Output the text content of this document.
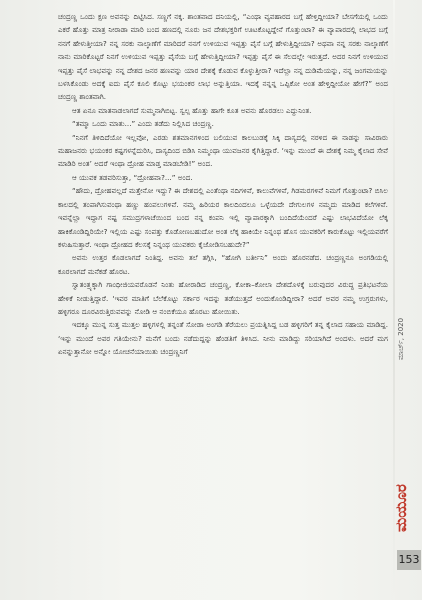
ಚಂದ್ರಣ್ಣ ಒಂದು ಕ್ಷಣ ಅವನನ್ನು ದಿಟ್ಟಿಸಿದ. ಸಣ್ಣಗೆ ನಕ್ಕ. ಶಾಂತವಾದ ದನಿಯಲ್ಲಿ, “ಎಂಥಾ ವ್ಯವಹಾರದ ಬಗ್ಗೆ ಹೇಳ್ತಿದ್ದೀಯಾ? ಬೇಸಗೆಯಲ್ಲಿ ಒಂದು ಎಕರೆ ಹೊತ್ತು ಮಾತ್ರ ನೀರಾಡಾ ಮಾರಿ ಬಂದ ಹಣದಲ್ಲಿ ನೂರು ಜನ ದೇಶಭಕ್ತರಿಗೆ ಊಟಕೊಟ್ಟದ್ದೇನೆ ಗೊತ್ತುಂಟಾ? ಈ ವ್ಯಾಪಾರದಲ್ಲಿ ಲಾಭದ ಬಗ್ಗೆ ನನಗೆ ಹೇಳುತ್ತೀಯಾ? ನನ್ನ ಸರಕು ನಾಲ್ಕಾಣೆಗೆ ಮಾರಿದರೆ ನನಗೆ ಉಳಿಯುವ ಇಪ್ಪತ್ತು ಪೈಸೆ ಬಗ್ಗೆ ಹೇಳುತ್ತಿದ್ದೀಯಾ? ಅಥವಾ ನನ್ನ ಸರಕು ನಾಲ್ಕಾಣೆಗೆ ನಾನು ಮಾರಿಕೊಟ್ಟರೆ ನಿನಗೆ ಉಳಿಯುವ ಇಪ್ಪತ್ತು ಪೈಸೆಯ ಬಗ್ಗೆ ಹೇಳುತ್ತಿದ್ದೀಯಾ? ಇಪ್ಪತ್ತು ಪೈಸೆ ಈ ಸೆಲದಲ್ಲೇ ಇರುತ್ತದೆ. ಅದರ ನಿನಗೆ ಉಳಿಯುವ ಇಪ್ಪತ್ತು ಪೈಸೆ ಲಾಭವನ್ನು ನನ್ನ ದೇಶದ ಜನರ ಹಣವನ್ನು ಯಾರ ದೇಶಕ್ಕೆ ಕೊಡುವ ಕೊಳ್ಳುತ್ತೀರಾ? ಇದೆಲ್ಲಾ ನನ್ನ ದುಡಿಮೆಯನ್ನು, ನನ್ನ ಜಂಗಮಯನ್ನು ಬಳಸಿಕೊಂಡು ಅದಕ್ಕೆ ಐದು ಪೈಸೆ ಕೂಲಿ ಕೊಟ್ಟು ಭಯಂಕರ ಲಾಭ ಅನ್ನುತ್ತಿಯಾ. ಇದಕ್ಕೆ ನನ್ನನ್ನ ಒಪ್ಪಿಕೋ ಅಂತ ಹೇಳ್ತಿದ್ದೀಯೋ ಹೇಗೆ?” ಅಂದ ಚಂದ್ರಣ್ಣ ಶಾಂತವಾಗಿ.

ಆತ ಏನೂ ಮಾತನಾಡಲಾಗದೆ ಸುಮ್ಮನಾಗಿಬಿಟ್ಟ. ಸ್ವಲ್ಪ ಹೊತ್ತು ಹಾಗೇ ಕೂತ ಅವನು ಹೊರಡಲು ಎದ್ದುನಿಂತ.

“ತಮ್ಮಾ ಒಂದು ಮಾತು...” ಎಂದು ತಡೆದು ನಿಲ್ಲಿಸಿದ ಚಂದ್ರಣ್ಣ.

“ನಿನಗೆ ತಿಳಿದಿದೆಯೋ ಇಲ್ಲವೋ, ಎರಡು ಶತಮಾನಗಳಿಂದ ಬಲಿಯುವ ಕಾಲಬುಡಕ್ಕೆ ಸಿಕ್ಕಿ ದಾಸ್ಯದಲ್ಲಿ ನರಳಿದ ಈ ನಾಡನ್ನು ಸಾವಿರಾರು ಮಹಾಜನರು ಭಯಂಕರ ಕಷ್ಟಗಳನ್ನೆದುರಿಸಿ, ದಾಸ್ಯದಿಂದ ಬಿಡಿಸಿ ನಿಮ್ಮಂಥಾ ಯುವಜನರ ಕೈಗಿತ್ತಿದ್ದಾರೆ. ‘ಇನ್ನು ಮುಂದೆ ಈ ದೇಶಕ್ಕೆ ನಿಮ್ಮ ಕೈಲಾದ ಸೇವೆ ಮಾಡಿರಿ ಅಂತ’ ಅದರೆ ಇಂಥಾ ದ್ರೋಹ ಮಾಡ್ತ ಮಾಡಬೇಡಿ!” ಅಂದ.

ಆ ಯುವಕ ತಡವರಿಸುತ್ತಾ, “ದ್ರೋಹವಾ?...” ಅಂದ.

“ಹೌದು, ದ್ರೋಹವಲ್ಲದೆ ಮತ್ತೇನೋ ಇದ್ದು? ಈ ದೇಶದಲ್ಲಿ ಎಂತೆಂಥಾ ನದಿಗಳಿವೆ, ಕಾಲುವೆಗಳಿವೆ, ಗಿಡಮರಗಳಿವೆ ನಿಮಗೆ ಗೊತ್ತುಂಟಾ? ಬಿಸಿಲ ಕಾಲದಲ್ಲಿ ತಂಪಾಗಿಸುವಂಥಾ ಹಣ್ಣು ಹಂಪಲುಗಳಿವೆ. ನಮ್ಮ ಹಿರಿಯರ ಕಾಲದಿಂದಲೂ ಒಳ್ಳೆಯದೇ ದೇಗುಲಗಳ ನಮ್ಮದು ಮಾಡಿದ ಕಲೆಗಳಿವೆ. ಇವನ್ನೆಲ್ಲಾ ಇದ್ದಾಗ ನಷ್ಟ ಸಮುದ್ರಗಳಾಚೆಯಿಂದ ಬಂದ ನನ್ನ ಕಂಪನಿ ಇಲ್ಲಿ ವ್ಯಾಪಾರಕ್ಕಾಗಿ ಬಂದಿದೆಯೆಂದರೆ ಎಷ್ಟು ಲಾಭವಿದೆಯೋ ಲೆಕ್ಕ ಹಾಕಿಕೊಂಡಿದ್ದಿರಿಯೇ? ಇಲ್ಲಿಯ ಎಷ್ಟು ಸಂಪತ್ತು ಕೊಡೋಣಬಹುದೋ ಅಂತ ಲೆಕ್ಕ ಹಾಕಿಯೇ ನಿನ್ನಂಥ ಹೊಸ ಯುವಕರಿಗೆ ಕಾರುಕೊಟ್ಟು ಇಲ್ಲಿಯವರೆಗೆ ಕಳುಹಿಸುತ್ತಾರೆ. ಇಂಥಾ ದ್ರೋಹದ ಕೆಲಸಕ್ಕೆ ನಿನ್ನಂಥ ಯುವಕರು ಕೈಜೋಡಿಸಬಹುದೇ?”

ಅವನು ಉತ್ತರ ಕೊಡಲಾಗದೆ ನಿಂತಿದ್ದ. ಅವನು ತಲೆ ತಗ್ಗಿಸಿ, “ಹೋಗಿ ಬರ್ತೀನಿ” ಅಂದು ಹೊರನಡೆದ. ಚಂದ್ರಣ್ಣನೂ ಅಂಗಡಿಯಲ್ಲಿ ಕೂರಲಾಗದೆ ಮನೆಕಡೆ ಹೊರಟ.

ಸ್ವಾತಂತ್ರ್ಯಕ್ಕಾಗಿ ಗಾಂಧೀಜಿಯವರೊಡನೆ ನಿಂತು ಹೋರಾಡಿದ ಚಂದ್ರಣ್ಣ, ಕೋಕಾ–ಕೋಲಾ ದೇಶದೊಳಕ್ಕೆ ಬರುವುದರ ವಿರುದ್ಧ ಪ್ರತಿಭಟನೆಯ ಹೇಳಿಕೆ ನೀಡುತ್ತಿದ್ದಾರೆ. ‘ಇವರ ಮಾತಿಗೆ ಬೆಲೆಕೊಟ್ಟು ಸರ್ಕಾರ ಇದನ್ನು ತಡೆಯುತ್ತದೆ ಅಂದುಕೊಂಡಿದ್ದೀರಾ? ಅದರೆ ಅವರ ನಮ್ಮ ಉಗ್ರರುಗಳು, ಹಳ್ಳಿಗರೂ ದೂರವಿರುತ್ತಿರುವವನ್ನು ನೋಡಿ ಆ ನಂಬಿಕೆಯೂ ಹೊರಟು ಹೋಯಿತು.

ಇದಕ್ಕೂ ಮುನ್ನ ಸುತ್ತ ಮುತ್ತಲ ಹಳ್ಳಿಗಳಲ್ಲಿ ತನ್ನಂತೆ ಸೋಡಾ ಅಂಗಡಿ ತೆರೆಯಲು ಪ್ರಯತ್ನಿಸಿದ್ದ ಬಡ ಹಳ್ಳಿಗರಿಗೆ ತನ್ನ ಕೈಲಾದ ಸಹಾಯ ಮಾಡಿದ್ದ. ‘ಇನ್ನು ಮುಂದೆ ಅವರ ಗತಿಯೇನು? ಮನೆಗೆ ಬಂದು ನಡೆದುದ್ದನ್ನು ಹೆಂಡತಿಗೆ ತಿಳಿಸಿದ. ನೀನು ಮಾಡಿದ್ದು ಸರಿಯಾಗಿದೆ ಅಂದಳು. ಅದರೆ ಮಗ ಏನನ್ನುತ್ತಾನೋ ಅನ್ನೋ ಯೋಚನೆಯಾಯಿತು ಚಂದ್ರಣ್ಣನಿಗೆ	ಮಾರ್ಚ್, 2020
ಮಯೂರ
153
